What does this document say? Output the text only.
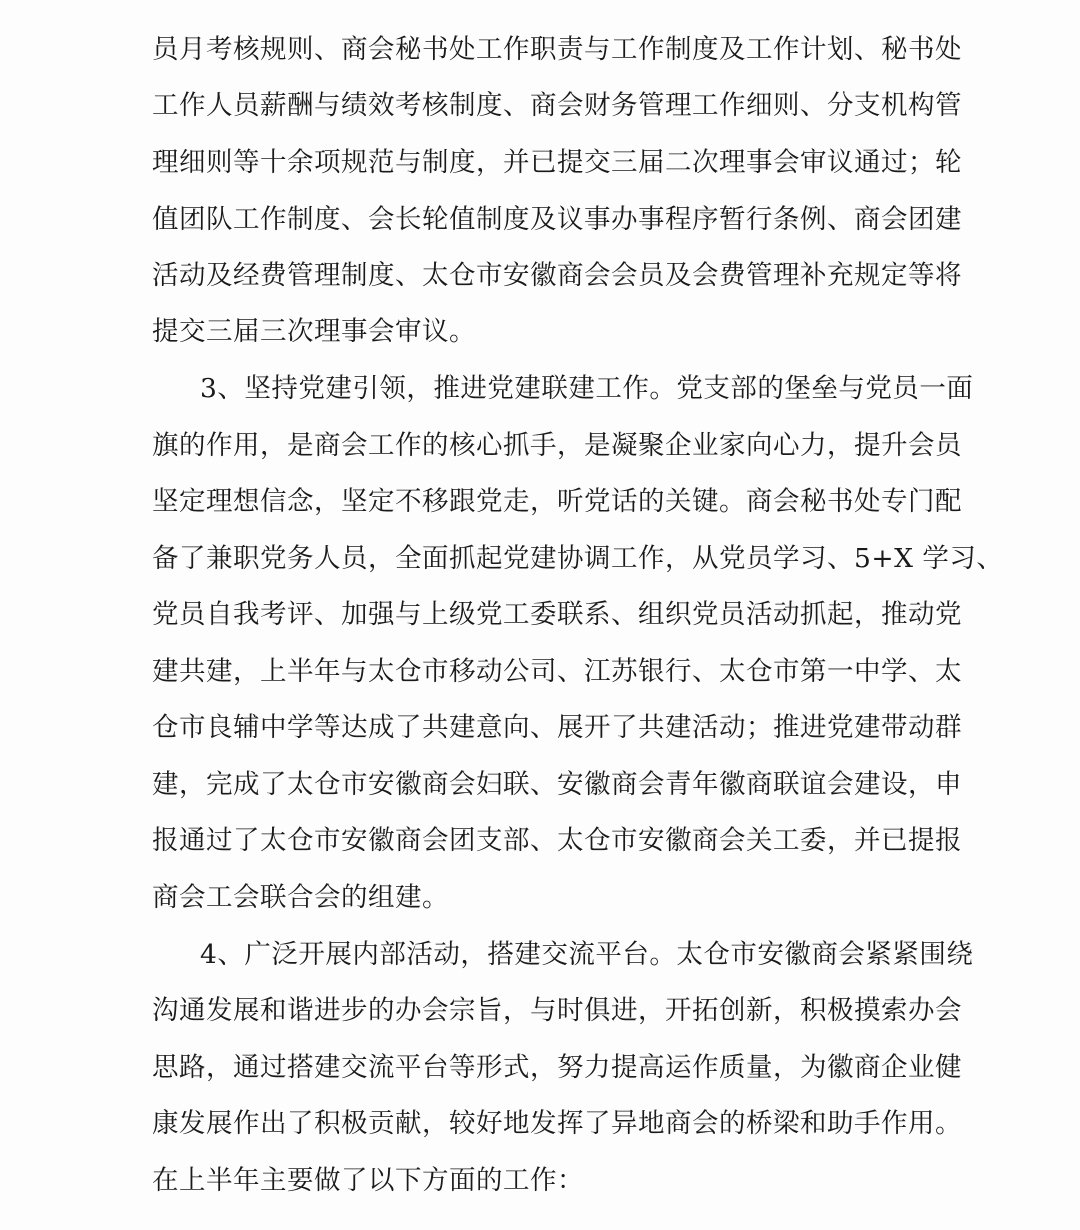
员月考核规则、商会秘书处工作职责与工作制度及工作计划、秘书处
工作人员薪酬与绩效考核制度、商会财务管理工作细则、分支机构管
理细则等十余项规范与制度，并已提交三届二次理事会审议通过；轮
值团队工作制度、会长轮值制度及议事办事程序暂行条例、商会团建
活动及经费管理制度、太仓市安徽商会会员及会费管理补充规定等将
提交三届三次理事会审议。
3、坚持党建引领，推进党建联建工作。党支部的堡垒与党员一面
旗的作用，是商会工作的核心抓手，是凝聚企业家向心力，提升会员
坚定理想信念，坚定不移跟党走，听党话的关键。商会秘书处专门配
备了兼职党务人员，全面抓起党建协调工作，从党员学习、5+X 学习、
党员自我考评、加强与上级党工委联系、组织党员活动抓起，推动党
建共建，上半年与太仓市移动公司、江苏银行、太仓市第一中学、太
仓市良辅中学等达成了共建意向、展开了共建活动；推进党建带动群
建，完成了太仓市安徽商会妇联、安徽商会青年徽商联谊会建设，申
报通过了太仓市安徽商会团支部、太仓市安徽商会关工委，并已提报
商会工会联合会的组建。
4、广泛开展内部活动，搭建交流平台。太仓市安徽商会紧紧围绕
沟通发展和谐进步的办会宗旨，与时俱进，开拓创新，积极摸索办会
思路，通过搭建交流平台等形式，努力提高运作质量，为徽商企业健
康发展作出了积极贡献，较好地发挥了异地商会的桥梁和助手作用。
在上半年主要做了以下方面的工作：
